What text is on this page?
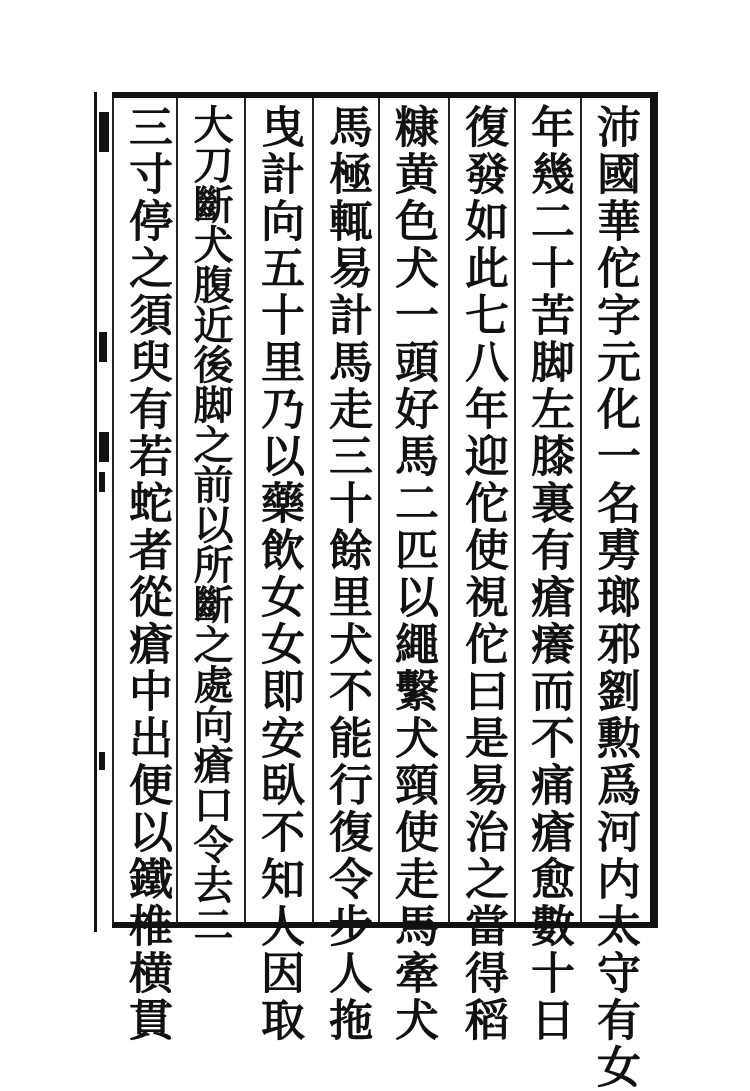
沛國華佗字元化一名旉瑯邪劉勲爲河内太守有女
年幾二十苦脚左膝裏有瘡癢而不痛瘡愈數十日
復發如此七八年迎佗使視佗曰是易治之當得稻
糠黄色犬一頭好馬二匹以繩繫犬頸使走馬牽犬
馬極輒易計馬走三十餘里犬不能行復令步人拖
曳計向五十里乃以藥飲女女即安臥不知人因取
大刀斷犬腹近後脚之前以所斷之處向瘡口令去二
三寸停之須臾有若蛇者從瘡中出便以鐵椎横貫
